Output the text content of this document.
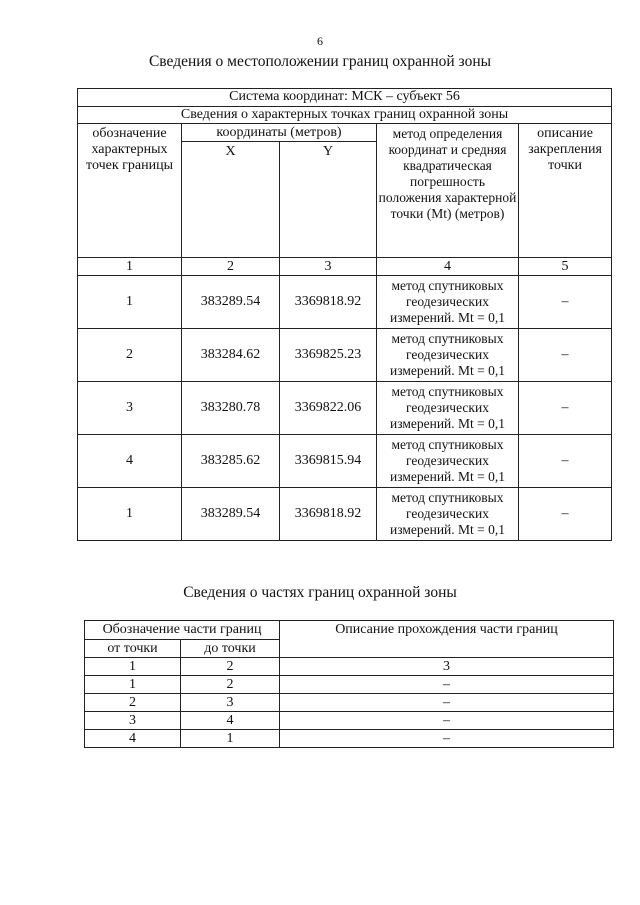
6
Сведения о местоположении границ охранной зоны
Система координат: МСК – субъект 56				
Сведения о характерных точках границ охранной зоны				
обозначение характерных точек границы	координаты (метров)		метод определения координат и средняя квадратическая погрешность положения характерной точки (Mt) (метров)	описание закрепления точки
	X	Y		
1	2	3	4	5
1	383289.54	3369818.92	метод спутниковых геодезических измерений. Mt = 0,1	–
2	383284.62	3369825.23	метод спутниковых геодезических измерений. Mt = 0,1	–
3	383280.78	3369822.06	метод спутниковых геодезических измерений. Mt = 0,1	–
4	383285.62	3369815.94	метод спутниковых геодезических измерений. Mt = 0,1	–
1	383289.54	3369818.92	метод спутниковых геодезических измерений. Mt = 0,1	–
Сведения о частях границ охранной зоны
Обозначение части границ		Описание прохождения части границ
от точки	до точки	
1	2	3
1	2	–
2	3	–
3	4	–
4	1	–
